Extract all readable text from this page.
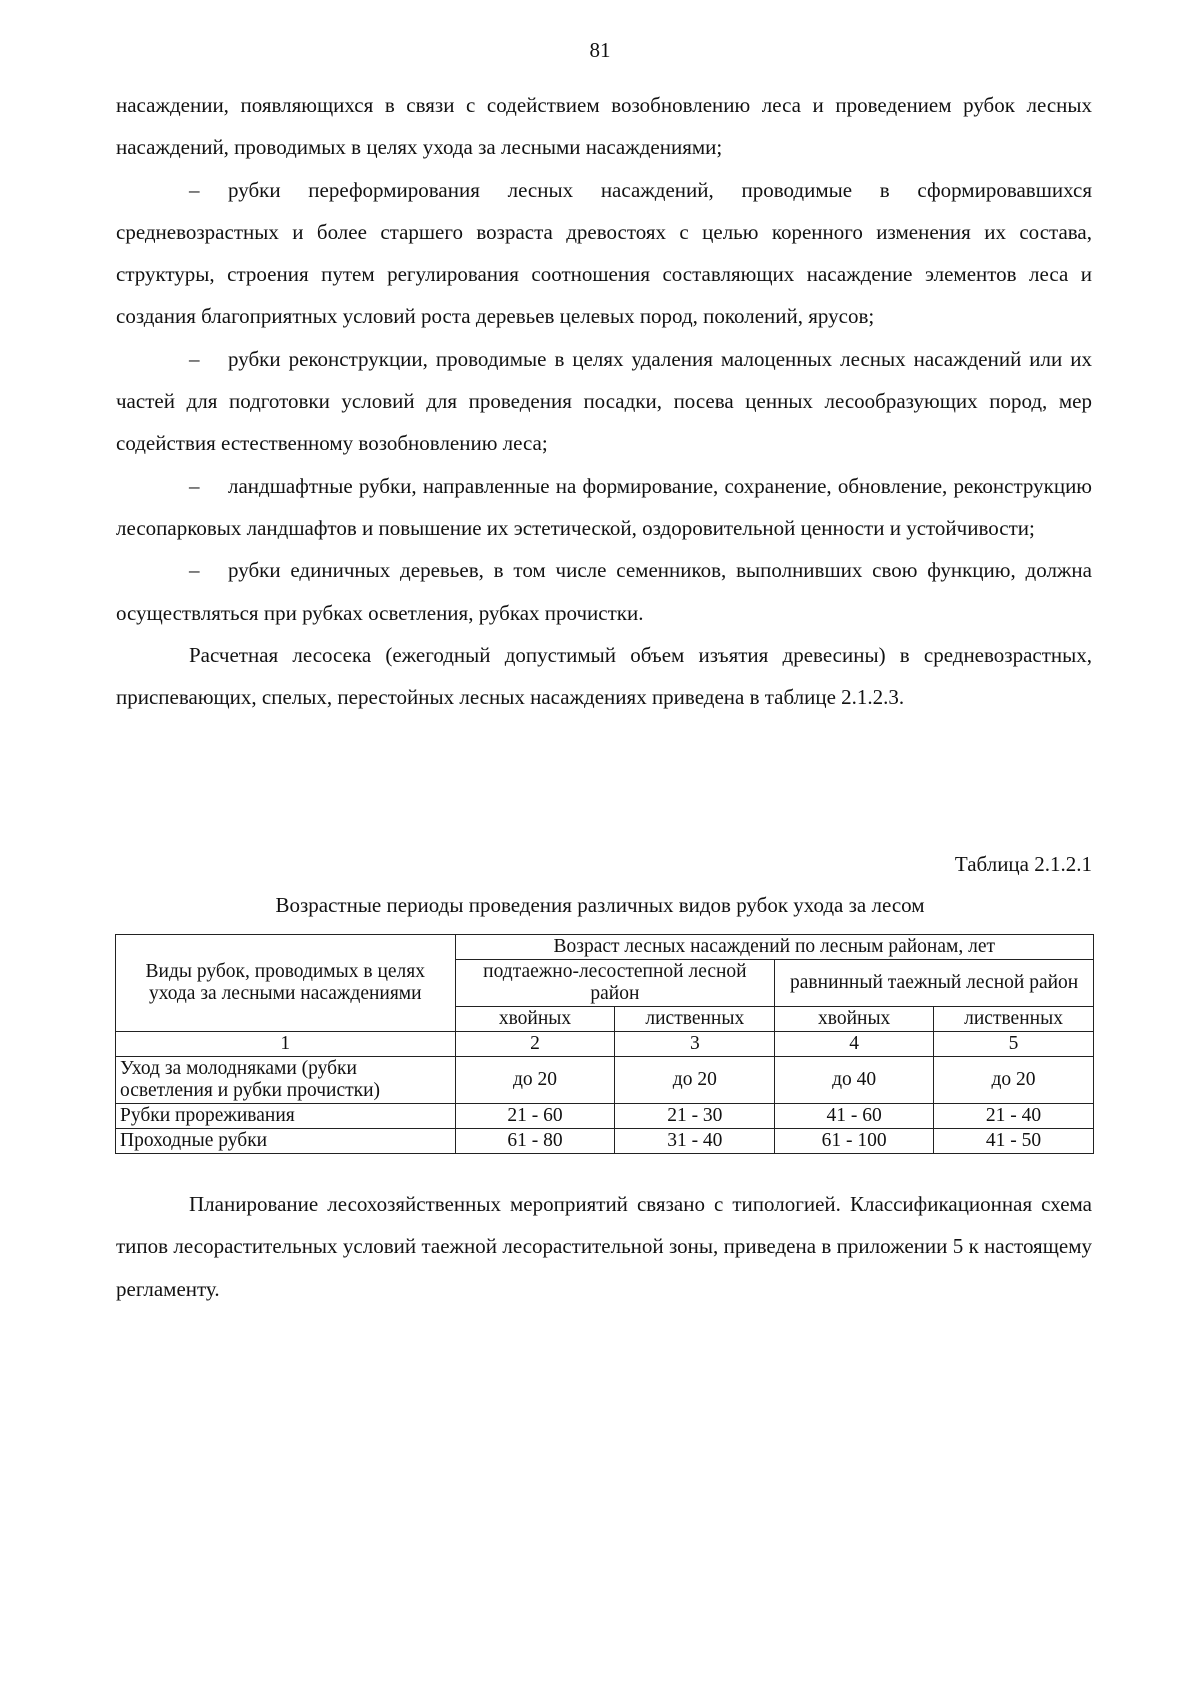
81

насаждении, появляющихся в связи с содействием возобновлению леса и проведением рубок лесных насаждений, проводимых в целях ухода за лесными насаждениями;

– рубки переформирования лесных насаждений, проводимые в сформировавшихся средневозрастных и более старшего возраста древостоях с целью коренного изменения их состава, структуры, строения путем регулирования соотношения составляющих насаждение элементов леса и создания благоприятных условий роста деревьев целевых пород, поколений, ярусов;

– рубки реконструкции, проводимые в целях удаления малоценных лесных насаждений или их частей для подготовки условий для проведения посадки, посева ценных лесообразующих пород, мер содействия естественному возобновлению леса;

– ландшафтные рубки, направленные на формирование, сохранение, обновление, реконструкцию лесопарковых ландшафтов и повышение их эстетической, оздоровительной ценности и устойчивости;

– рубки единичных деревьев, в том числе семенников, выполнивших свою функцию, должна осуществляться при рубках осветления, рубках прочистки.

Расчетная лесосека (ежегодный допустимый объем изъятия древесины) в средневозрастных, приспевающих, спелых, перестойных лесных насаждениях приведена в таблице 2.1.2.3.

Таблица 2.1.2.1
Возрастные периоды проведения различных видов рубок ухода за лесом
Виды рубок, проводимых в целях ухода за лесными насаждениями	Возраст лесных насаждений по лесным районам, лет			
	подтаежно-лесостепной лесной район		равнинный таежный лесной район	
	хвойных	лиственных	хвойных	лиственных
1	2	3	4	5
Уход за молодняками (рубки осветления и рубки прочистки)	до 20	до 20	до 40	до 20
Рубки прореживания	21 - 60	21 - 30	41 - 60	21 - 40
Проходные рубки	61 - 80	31 - 40	61 - 100	41 - 50

Планирование лесохозяйственных мероприятий связано с типологией. Классификационная схема типов лесорастительных условий таежной лесорастительной зоны, приведена в приложении 5 к настоящему регламенту.
